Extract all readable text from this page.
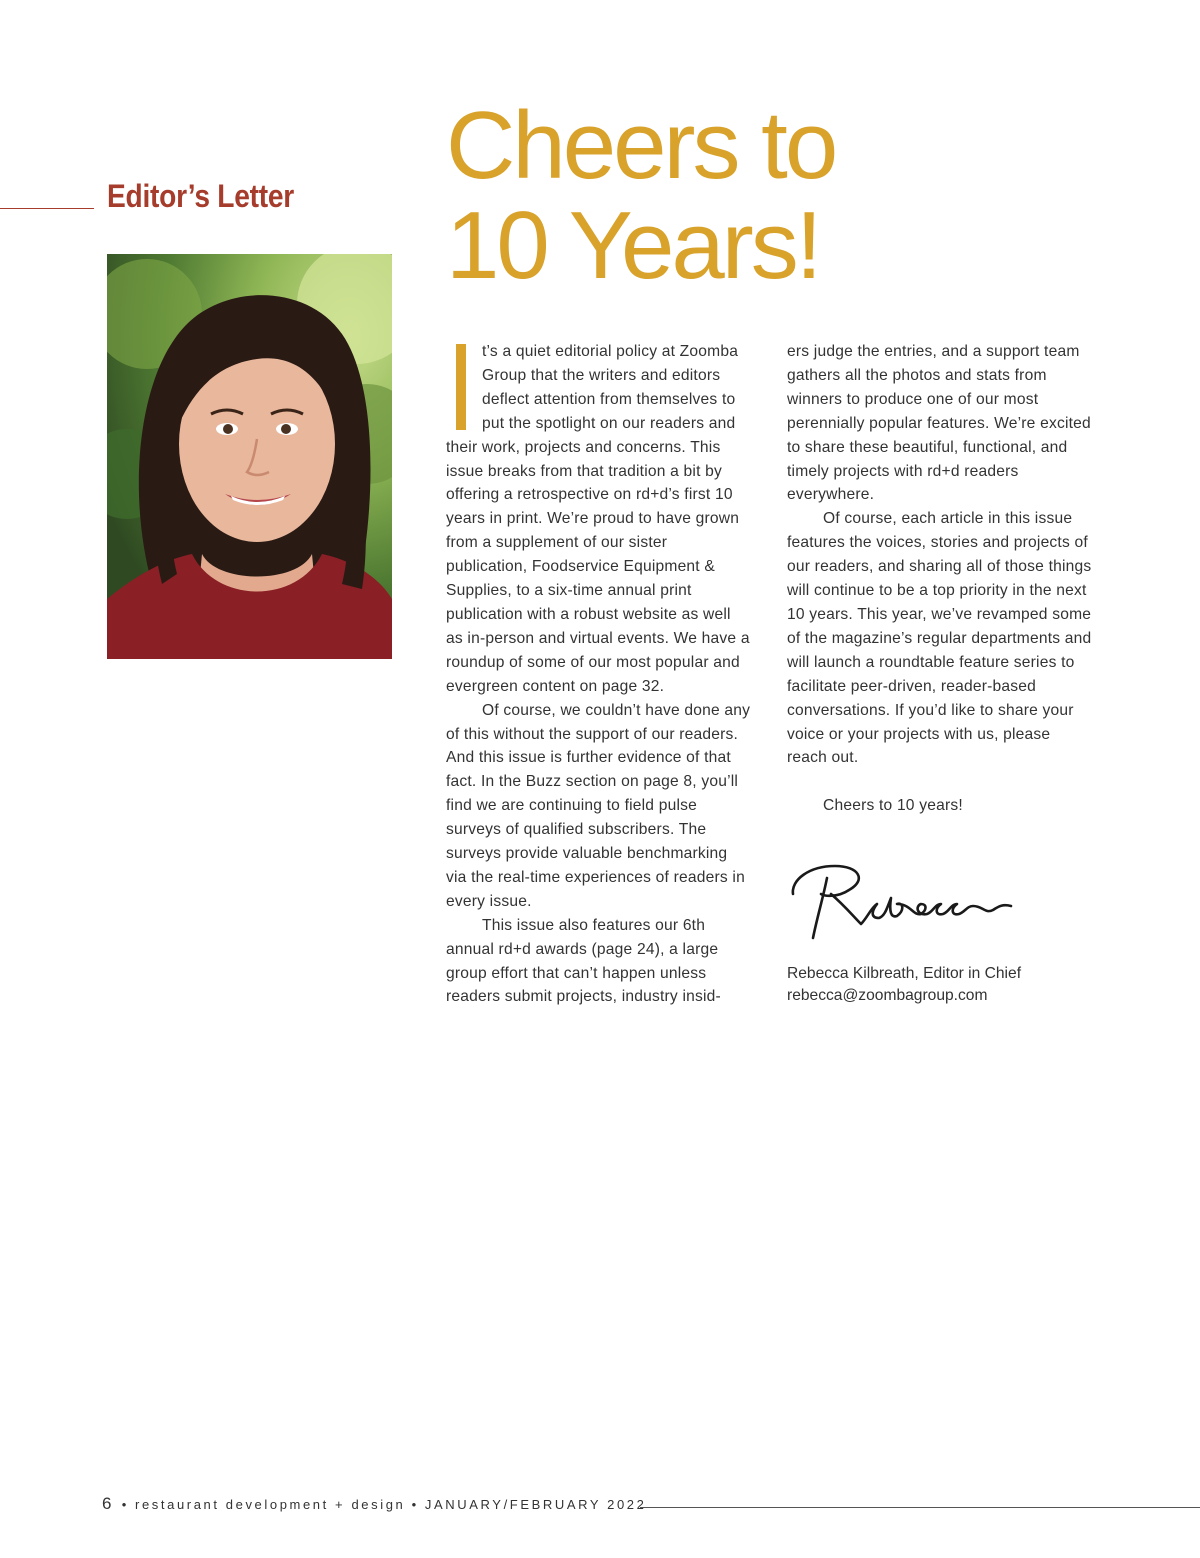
Editor’s Letter Cheers to
10 Years!

t’s a quiet editorial policy at Zoomba Group that the writers and editors deflect attention from themselves to put the spotlight on our readers and their work, projects and concerns. This issue breaks from that tradition a bit by offering a retrospective on rd+d’s first 10 years in print. We’re proud to have grown from a supplement of our sister publication, Foodservice Equipment & Supplies, to a six-time annual print publication with a robust website as well as in-person and virtual events. We have a roundup of some of our most popular and evergreen content on page 32.

Of course, we couldn’t have done any of this without the support of our readers. And this issue is further evidence of that fact. In the Buzz section on page 8, you’ll find we are continuing to field pulse surveys of qualified subscribers. The surveys provide valuable benchmarking via the real-time experiences of readers in every issue.

This issue also features our 6th annual rd+d awards (page 24), a large group effort that can’t happen unless readers submit projects, industry insid-

ers judge the entries, and a support team gathers all the photos and stats from winners to produce one of our most perennially popular features. We’re excited to share these beautiful, functional, and timely projects with rd+d readers everywhere.

Of course, each article in this issue features the voices, stories and projects of our readers, and sharing all of those things will continue to be a top priority in the next 10 years. This year, we’ve revamped some of the magazine’s regular departments and will launch a roundtable feature series to facilitate peer-driven, reader-based conversations. If you’d like to share your voice or your projects with us, please reach out.

Cheers to 10 years!

Rebecca Kilbreath, Editor in Chief

rebecca@zoombagroup.com

6 • restaurant development + design • JANUARY/FEBRUARY 2022
